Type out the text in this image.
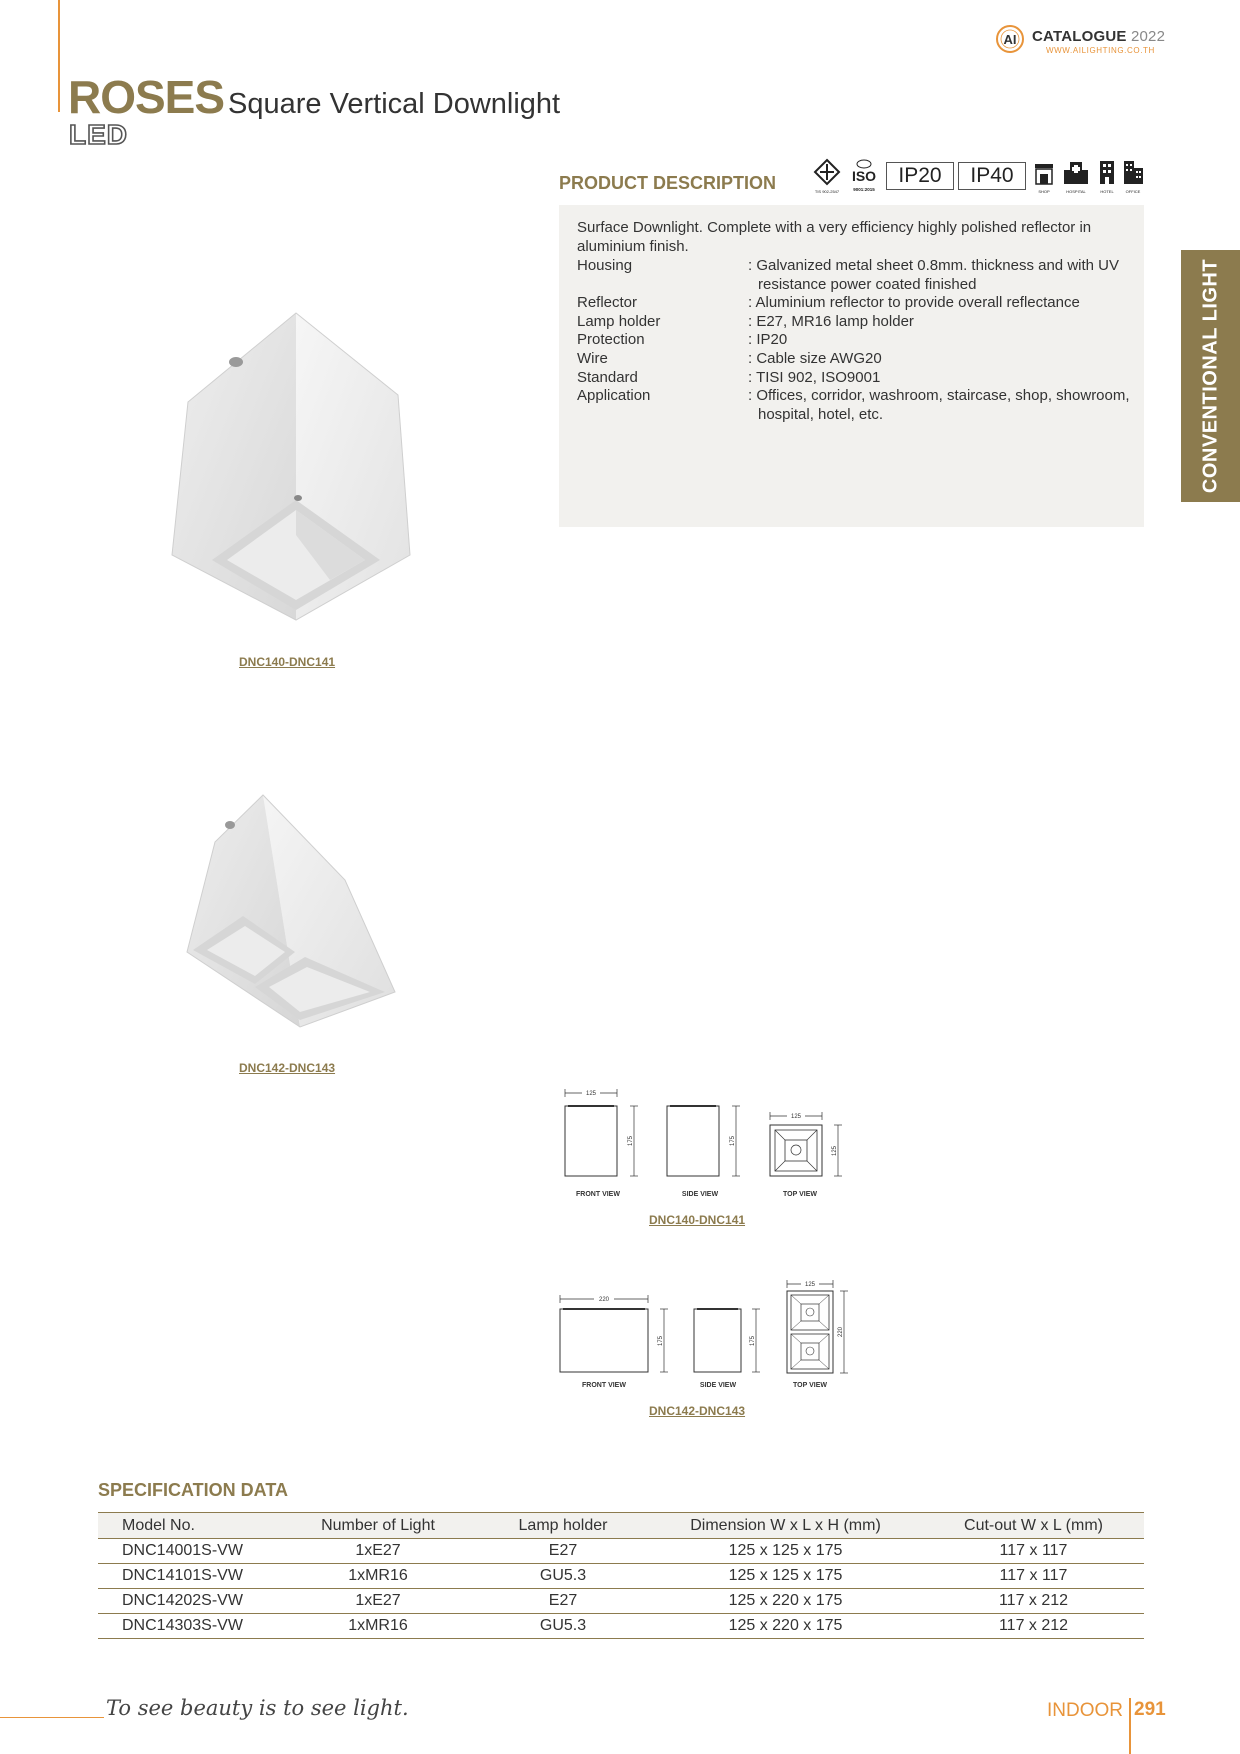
AI CATALOGUE 2022
WWW.AILIGHTING.CO.TH
ROSES Square Vertical Downlight
LED
CONVENTIONAL LIGHT
PRODUCT DESCRIPTION	TIS 902-2547
ISO
9001:2015
IP20	IP40
SHOP	HOSPITAL	HOTEL	OFFICE
Surface Downlight. Complete with a very efficiency highly polished reflector in aluminium finish.
Housing	: Galvanized metal sheet 0.8mm. thickness and with UV resistance power coated finished
Reflector	: Aluminium reflector to provide overall reflectance
Lamp holder	: E27, MR16 lamp holder
Protection	: IP20
Wire	: Cable size AWG20
Standard	: TISI 902, ISO9001
Application	: Offices, corridor, washroom, staircase, shop, showroom, hospital, hotel, etc.
DNC140-DNC141
DNC142-DNC143
125
175
FRONT VIEW
175
SIDE VIEW
125
125
TOP VIEW
DNC140-DNC141
220
175
FRONT VIEW
175
SIDE VIEW
125
220
TOP VIEW
DNC142-DNC143
SPECIFICATION DATA
Model No.	Number of Light	Lamp holder	Dimension W x L x H (mm)	Cut-out W x L (mm)
DNC14001S-VW	1xE27	E27	125 x 125 x 175	117 x 117
DNC14101S-VW	1xMR16	GU5.3	125 x 125 x 175	117 x 117
DNC14202S-VW	1xE27	E27	125 x 220 x 175	117 x 212
DNC14303S-VW	1xMR16	GU5.3	125 x 220 x 175	117 x 212
To see beauty is to see light.	INDOOR 291
